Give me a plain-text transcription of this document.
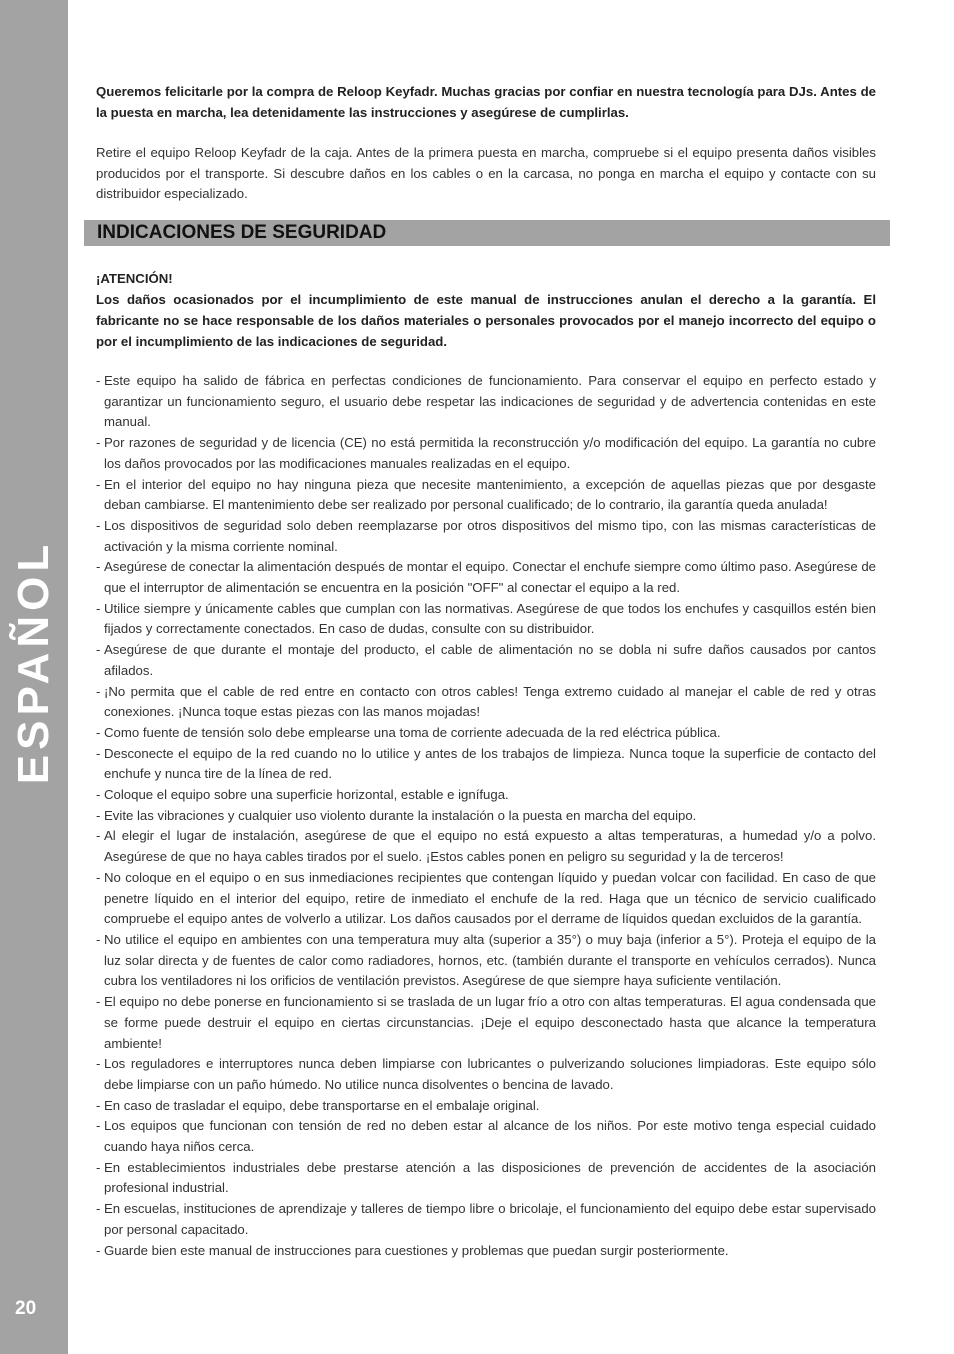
ESPAÑOL
20

Queremos felicitarle por la compra de Reloop Keyfadr. Muchas gracias por confiar en nuestra tecnología para DJs. Antes de la puesta en marcha, lea detenidamente las instrucciones y asegúrese de cumplirlas.

Retire el equipo Reloop Keyfadr de la caja. Antes de la primera puesta en marcha, compruebe si el equipo presenta daños visibles producidos por el transporte. Si descubre daños en los cables o en la carcasa, no ponga en marcha el equipo y contacte con su distribuidor especializado.

INDICACIONES DE SEGURIDAD

¡ATENCIÓN!

Los daños ocasionados por el incumplimiento de este manual de instrucciones anulan el derecho a la garantía. El fabricante no se hace responsable de los daños materiales o personales provocados por el manejo incorrecto del equipo o por el incumplimiento de las indicaciones de seguridad.

- Este equipo ha salido de fábrica en perfectas condiciones de funcionamiento. Para conservar el equipo en perfecto estado y garantizar un funcionamiento seguro, el usuario debe respetar las indicaciones de seguridad y de advertencia contenidas en este manual.
- Por razones de seguridad y de licencia (CE) no está permitida la reconstrucción y/o modificación del equipo. La garantía no cubre los daños provocados por las modificaciones manuales realizadas en el equipo.
- En el interior del equipo no hay ninguna pieza que necesite mantenimiento, a excepción de aquellas piezas que por desgaste deban cambiarse. El mantenimiento debe ser realizado por personal cualificado; de lo contrario, ila garantía queda anulada!
- Los dispositivos de seguridad solo deben reemplazarse por otros dispositivos del mismo tipo, con las mismas características de activación y la misma corriente nominal.
- Asegúrese de conectar la alimentación después de montar el equipo. Conectar el enchufe siempre como último paso. Asegúrese de que el interruptor de alimentación se encuentra en la posición "OFF" al conectar el equipo a la red.
- Utilice siempre y únicamente cables que cumplan con las normativas. Asegúrese de que todos los enchufes y casquillos estén bien fijados y correctamente conectados. En caso de dudas, consulte con su distribuidor.
- Asegúrese de que durante el montaje del producto, el cable de alimentación no se dobla ni sufre daños causados por cantos afilados.
- ¡No permita que el cable de red entre en contacto con otros cables! Tenga extremo cuidado al manejar el cable de red y otras conexiones. ¡Nunca toque estas piezas con las manos mojadas!
- Como fuente de tensión solo debe emplearse una toma de corriente adecuada de la red eléctrica pública.
- Desconecte el equipo de la red cuando no lo utilice y antes de los trabajos de limpieza. Nunca toque la superficie de contacto del enchufe y nunca tire de la línea de red.
- Coloque el equipo sobre una superficie horizontal, estable e ignífuga.
- Evite las vibraciones y cualquier uso violento durante la instalación o la puesta en marcha del equipo.
- Al elegir el lugar de instalación, asegúrese de que el equipo no está expuesto a altas temperaturas, a humedad y/o a polvo. Asegúrese de que no haya cables tirados por el suelo. ¡Estos cables ponen en peligro su seguridad y la de terceros!
- No coloque en el equipo o en sus inmediaciones recipientes que contengan líquido y puedan volcar con facilidad. En caso de que penetre líquido en el interior del equipo, retire de inmediato el enchufe de la red. Haga que un técnico de servicio cualificado compruebe el equipo antes de volverlo a utilizar. Los daños causados por el derrame de líquidos quedan excluidos de la garantía.
- No utilice el equipo en ambientes con una temperatura muy alta (superior a 35°) o muy baja (inferior a 5°). Proteja el equipo de la luz solar directa y de fuentes de calor como radiadores, hornos, etc. (también durante el transporte en vehículos cerrados). Nunca cubra los ventiladores ni los orificios de ventilación previstos. Asegúrese de que siempre haya suficiente ventilación.
- El equipo no debe ponerse en funcionamiento si se traslada de un lugar frío a otro con altas temperaturas. El agua condensada que se forme puede destruir el equipo en ciertas circunstancias. ¡Deje el equipo desconectado hasta que alcance la temperatura ambiente!
- Los reguladores e interruptores nunca deben limpiarse con lubricantes o pulverizando soluciones limpiadoras. Este equipo sólo debe limpiarse con un paño húmedo. No utilice nunca disolventes o bencina de lavado.
- En caso de trasladar el equipo, debe transportarse en el embalaje original.
- Los equipos que funcionan con tensión de red no deben estar al alcance de los niños. Por este motivo tenga especial cuidado cuando haya niños cerca.
- En establecimientos industriales debe prestarse atención a las disposiciones de prevención de accidentes de la asociación profesional industrial.
- En escuelas, instituciones de aprendizaje y talleres de tiempo libre o bricolaje, el funcionamiento del equipo debe estar supervisado por personal capacitado.
- Guarde bien este manual de instrucciones para cuestiones y problemas que puedan surgir posteriormente.
